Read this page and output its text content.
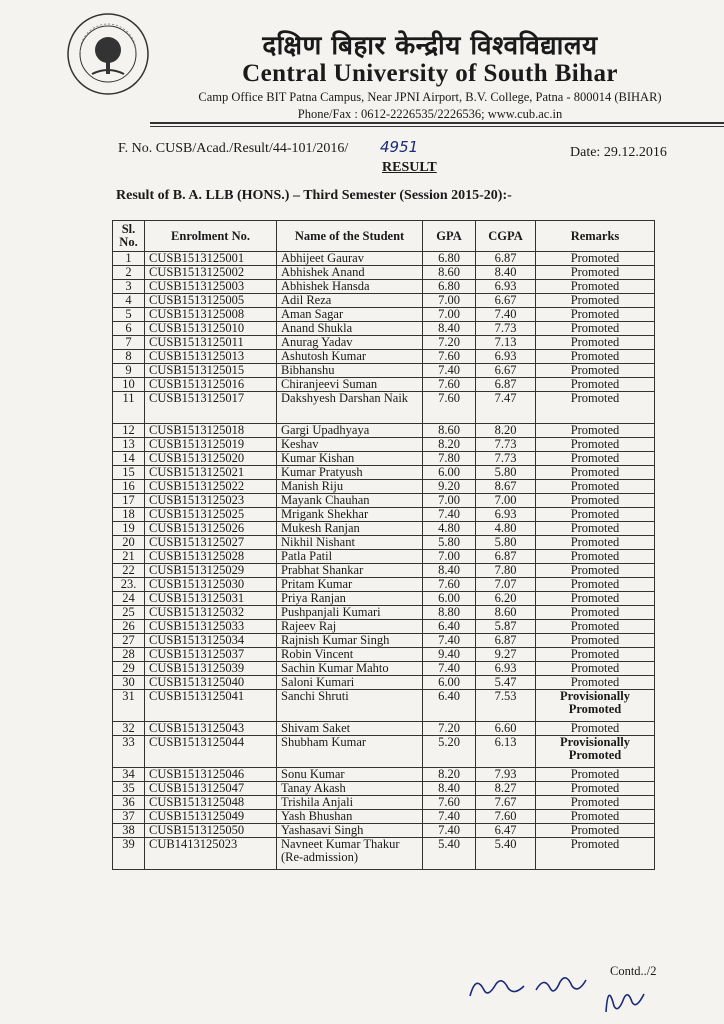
दक्षिण बिहार केन्द्रीय विश्वविद्यालय
Central University of South Bihar
Camp Office BIT Patna Campus, Near JPNI Airport, B.V. College, Patna - 800014 (BIHAR)
Phone/Fax : 0612-2226535/2226536; www.cub.ac.in
F. No. CUSB/Acad./Result/44-101/2016/ 4951	Date: 29.12.2016
RESULT
Result of B. A. LLB (HONS.) – Third Semester (Session 2015-20):-
Sl. No.	Enrolment No.	Name of the Student	GPA	CGPA	Remarks
1	CUSB1513125001	Abhijeet Gaurav	6.80	6.87	Promoted
2	CUSB1513125002	Abhishek Anand	8.60	8.40	Promoted
3	CUSB1513125003	Abhishek Hansda	6.80	6.93	Promoted
4	CUSB1513125005	Adil Reza	7.00	6.67	Promoted
5	CUSB1513125008	Aman Sagar	7.00	7.40	Promoted
6	CUSB1513125010	Anand Shukla	8.40	7.73	Promoted
7	CUSB1513125011	Anurag Yadav	7.20	7.13	Promoted
8	CUSB1513125013	Ashutosh Kumar	7.60	6.93	Promoted
9	CUSB1513125015	Bibhanshu	7.40	6.67	Promoted
10	CUSB1513125016	Chiranjeevi Suman	7.60	6.87	Promoted
11	CUSB1513125017	Dakshyesh Darshan Naik	7.60	7.47	Promoted
12	CUSB1513125018	Gargi Upadhyaya	8.60	8.20	Promoted
13	CUSB1513125019	Keshav	8.20	7.73	Promoted
14	CUSB1513125020	Kumar Kishan	7.80	7.73	Promoted
15	CUSB1513125021	Kumar Pratyush	6.00	5.80	Promoted
16	CUSB1513125022	Manish Riju	9.20	8.67	Promoted
17	CUSB1513125023	Mayank Chauhan	7.00	7.00	Promoted
18	CUSB1513125025	Mrigank Shekhar	7.40	6.93	Promoted
19	CUSB1513125026	Mukesh Ranjan	4.80	4.80	Promoted
20	CUSB1513125027	Nikhil Nishant	5.80	5.80	Promoted
21	CUSB1513125028	Patla Patil	7.00	6.87	Promoted
22	CUSB1513125029	Prabhat Shankar	8.40	7.80	Promoted
23.	CUSB1513125030	Pritam Kumar	7.60	7.07	Promoted
24	CUSB1513125031	Priya Ranjan	6.00	6.20	Promoted
25	CUSB1513125032	Pushpanjali Kumari	8.80	8.60	Promoted
26	CUSB1513125033	Rajeev Raj	6.40	5.87	Promoted
27	CUSB1513125034	Rajnish Kumar Singh	7.40	6.87	Promoted
28	CUSB1513125037	Robin Vincent	9.40	9.27	Promoted
29	CUSB1513125039	Sachin Kumar Mahto	7.40	6.93	Promoted
30	CUSB1513125040	Saloni Kumari	6.00	5.47	Promoted
31	CUSB1513125041	Sanchi Shruti	6.40	7.53	Provisionally Promoted
32	CUSB1513125043	Shivam Saket	7.20	6.60	Promoted
33	CUSB1513125044	Shubham Kumar	5.20	6.13	Provisionally Promoted
34	CUSB1513125046	Sonu Kumar	8.20	7.93	Promoted
35	CUSB1513125047	Tanay Akash	8.40	8.27	Promoted
36	CUSB1513125048	Trishila Anjali	7.60	7.67	Promoted
37	CUSB1513125049	Yash Bhushan	7.40	7.60	Promoted
38	CUSB1513125050	Yashasavi Singh	7.40	6.47	Promoted
39	CUB1413125023	Navneet Kumar Thakur (Re-admission)	5.40	5.40	Promoted
Contd../2
